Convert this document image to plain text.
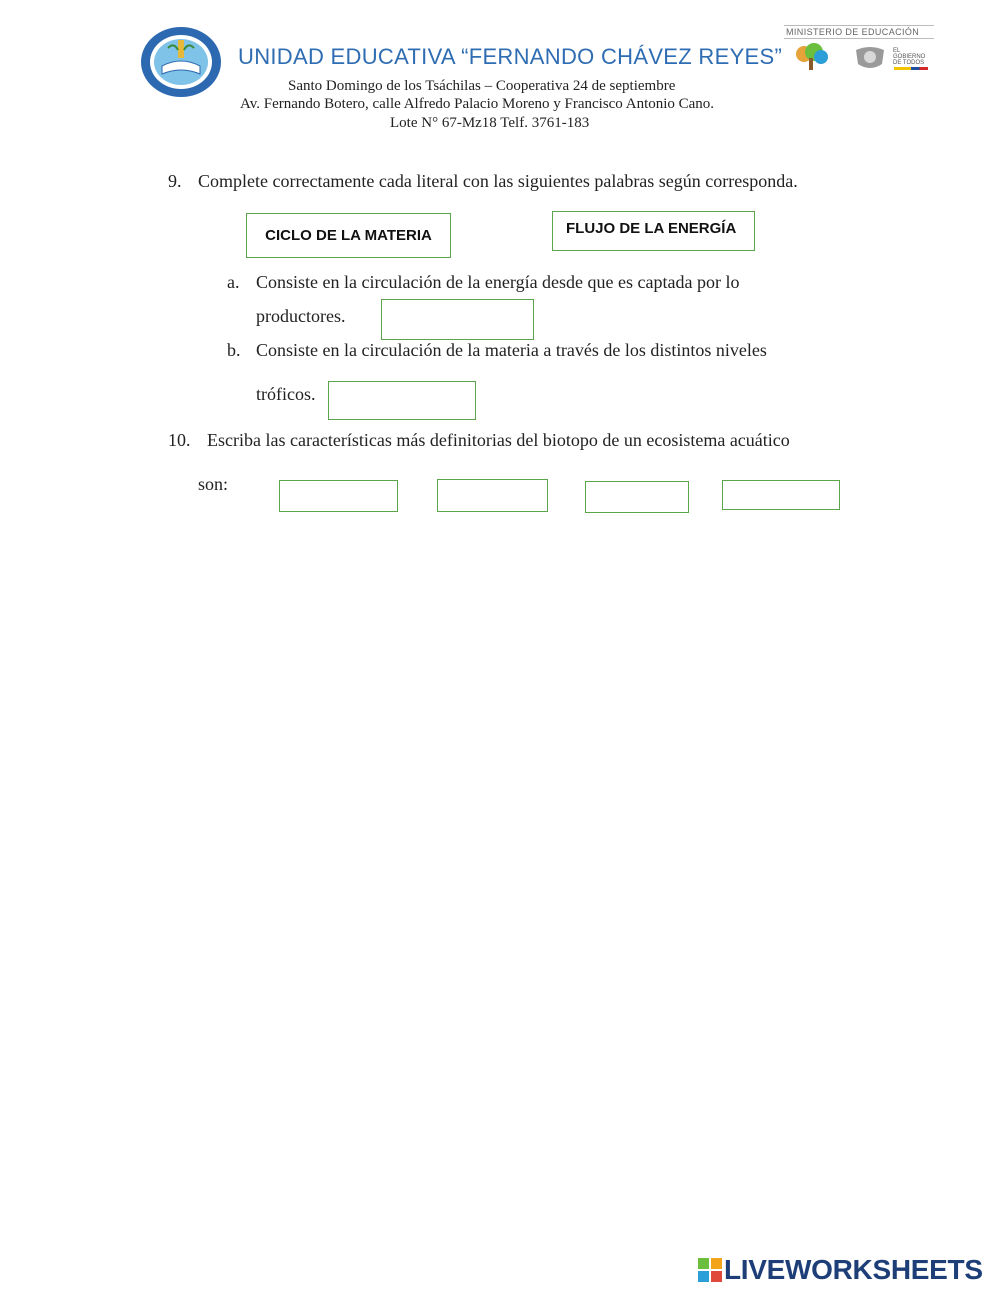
UNIDAD EDUCATIVA “FERNANDO CHÁVEZ REYES”
Santo Domingo de los Tsáchilas – Cooperativa 24 de septiembre
Av. Fernando Botero, calle Alfredo Palacio Moreno y Francisco Antonio Cano.
Lote N° 67-Mz18 Telf. 3761-183
MINISTERIO DE EDUCACIÓN
EL
GOBIERNO
DE TODOS
9. Complete correctamente cada literal con las siguientes palabras según corresponda.
CICLO DE LA MATERIA	FLUJO DE LA ENERGÍA
a. Consiste en la circulación de la energía desde que es captada por lo
productores.
b. Consiste en la circulación de la materia a través de los distintos niveles
tróficos.
10. Escriba las características más definitorias del biotopo de un ecosistema acuático
son:
LIVEWORKSHEETS
